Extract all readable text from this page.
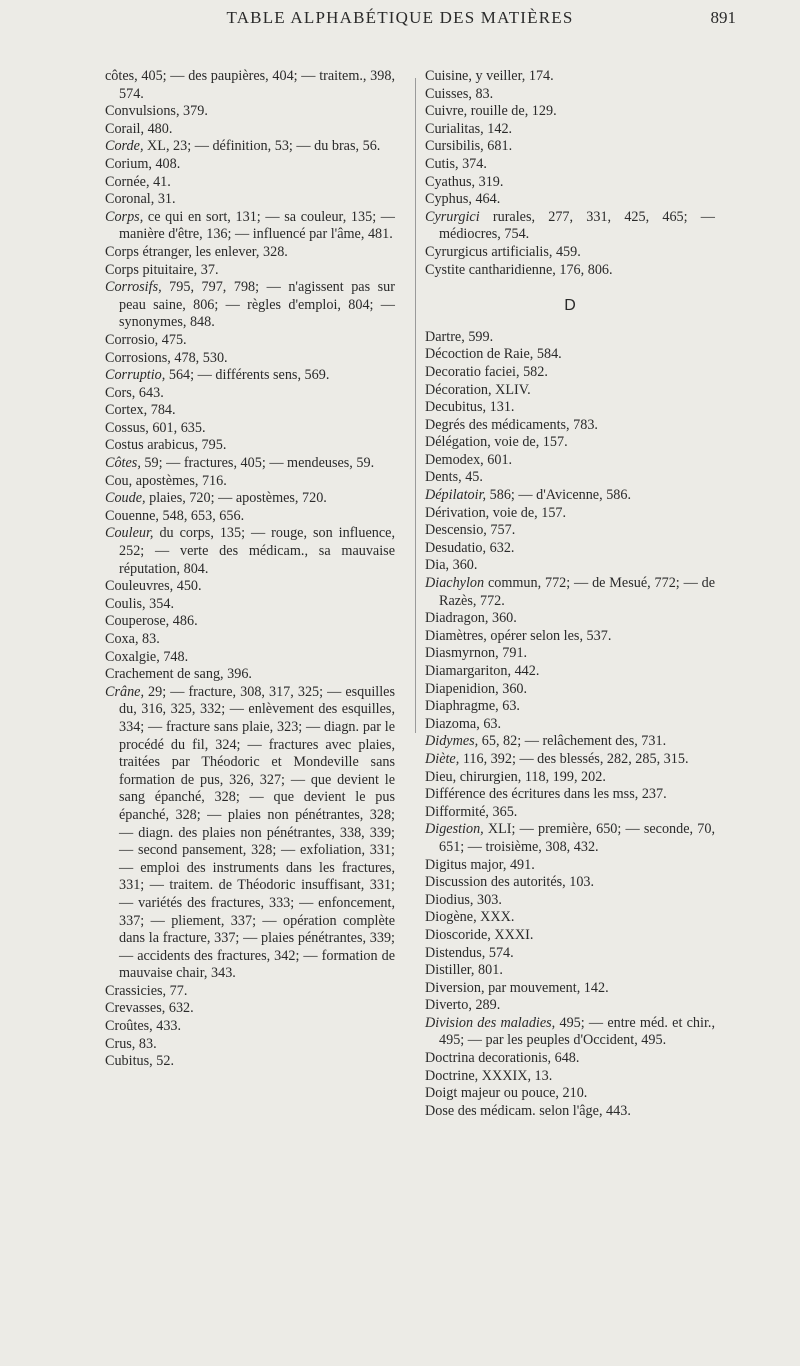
TABLE ALPHABÉTIQUE DES MATIÈRES	891
côtes, 405; — des paupières, 404; — traitem., 398, 574.
Convulsions, 379.
Corail, 480.
Corde, XL, 23; — définition, 53; — du bras, 56.
Corium, 408.
Cornée, 41.
Coronal, 31.
Corps, ce qui en sort, 131; — sa couleur, 135; — manière d'être, 136; — influencé par l'âme, 481.
Corps étranger, les enlever, 328.
Corps pituitaire, 37.
Corrosifs, 795, 797, 798; — n'agissent pas sur peau saine, 806; — règles d'emploi, 804; — synonymes, 848.
Corrosio, 475.
Corrosions, 478, 530.
Corruptio, 564; — différents sens, 569.
Cors, 643.
Cortex, 784.
Cossus, 601, 635.
Costus arabicus, 795.
Côtes, 59; — fractures, 405; — mendeuses, 59.
Cou, apostèmes, 716.
Coude, plaies, 720; — apostèmes, 720.
Couenne, 548, 653, 656.
Couleur, du corps, 135; — rouge, son influence, 252; — verte des médicam., sa mauvaise réputation, 804.
Couleuvres, 450.
Coulis, 354.
Couperose, 486.
Coxa, 83.
Coxalgie, 748.
Crachement de sang, 396.
Crâne, 29; — fracture, 308, 317, 325; — esquilles du, 316, 325, 332; — enlèvement des esquilles, 334; — fracture sans plaie, 323; — diagn. par le procédé du fil, 324; — fractures avec plaies, traitées par Théodoric et Mondeville sans formation de pus, 326, 327; — que devient le sang épanché, 328; — que devient le pus épanché, 328; — plaies non pénétrantes, 328; — diagn. des plaies non pénétrantes, 338, 339; — second pansement, 328; — exfoliation, 331; — emploi des instruments dans les fractures, 331; — traitem. de Théodoric insuffisant, 331; — variétés des fractures, 333; — enfoncement, 337; — pliement, 337; — opération complète dans la fracture, 337; — plaies pénétrantes, 339; — accidents des fractures, 342; — formation de mauvaise chair, 343.
Crassicies, 77.
Crevasses, 632.
Croûtes, 433.
Crus, 83.
Cubitus, 52.
Cuisine, y veiller, 174.
Cuisses, 83.
Cuivre, rouille de, 129.
Curialitas, 142.
Cursibilis, 681.
Cutis, 374.
Cyathus, 319.
Cyphus, 464.
Cyrurgici rurales, 277, 331, 425, 465; — médiocres, 754.
Cyrurgicus artificialis, 459.
Cystite cantharidienne, 176, 806.
D
Dartre, 599.
Décoction de Raie, 584.
Decoratio faciei, 582.
Décoration, XLIV.
Decubitus, 131.
Degrés des médicaments, 783.
Délégation, voie de, 157.
Demodex, 601.
Dents, 45.
Dépilatoir, 586; — d'Avicenne, 586.
Dérivation, voie de, 157.
Descensio, 757.
Desudatio, 632.
Dia, 360.
Diachylon commun, 772; — de Mesué, 772; — de Razès, 772.
Diadragon, 360.
Diamètres, opérer selon les, 537.
Diasmyrnon, 791.
Diamargariton, 442.
Diapenidion, 360.
Diaphragme, 63.
Diazoma, 63.
Didymes, 65, 82; — relâchement des, 731.
Diète, 116, 392; — des blessés, 282, 285, 315.
Dieu, chirurgien, 118, 199, 202.
Différence des écritures dans les mss, 237.
Difformité, 365.
Digestion, XLI; — première, 650; — seconde, 70, 651; — troisième, 308, 432.
Digitus major, 491.
Discussion des autorités, 103.
Diodius, 303.
Diogène, XXX.
Dioscoride, XXXI.
Distendus, 574.
Distiller, 801.
Diversion, par mouvement, 142.
Diverto, 289.
Division des maladies, 495; — entre méd. et chir., 495; — par les peuples d'Occident, 495.
Doctrina decorationis, 648.
Doctrine, XXXIX, 13.
Doigt majeur ou pouce, 210.
Dose des médicam. selon l'âge, 443.
